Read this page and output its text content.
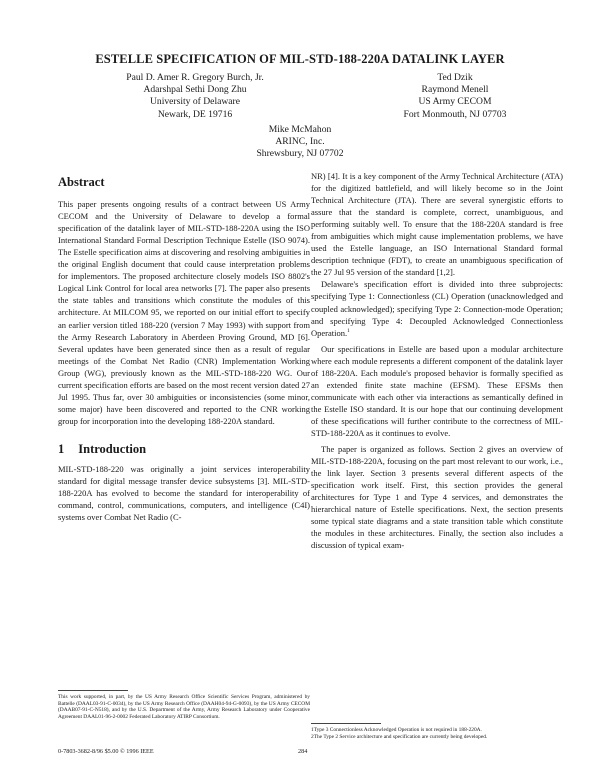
ESTELLE SPECIFICATION OF MIL-STD-188-220A DATALINK LAYER
Paul D. Amer R. Gregory Burch, Jr.
Adarshpal Sethi Dong Zhu
University of Delaware
Newark, DE 19716
Ted Dzik
Raymond Menell
US Army CECOM
Fort Monmouth, NJ 07703
Mike McMahon
ARINC, Inc.
Shrewsbury, NJ 07702
Abstract

This paper presents ongoing results of a contract between US Army CECOM and the University of Delaware to develop a formal specification of the datalink layer of MIL-STD-188-220A using the ISO International Standard Formal Description Technique Estelle (ISO 9074). The Estelle specification aims at discovering and resolving ambiguities in the original English document that could cause interpretation problems for implementors. The proposed architecture closely models ISO 8802's Logical Link Control for local area networks [7]. The paper also presents the state tables and transitions which constitute the modules of this architecture. At MILCOM 95, we reported on our initial effort to specify an earlier version titled 188-220 (version 7 May 1993) with support from the Army Research Laboratory in Aberdeen Proving Ground, MD [6]. Several updates have been generated since then as a result of regular meetings of the Combat Net Radio (CNR) Implementation Working Group (WG), previously known as the MIL-STD-188-220 WG. Our current specification efforts are based on the most recent version dated 27 Jul 1995. Thus far, over 30 ambiguities or inconsistencies (some minor, some major) have been discovered and reported to the CNR working group for incorporation into the developing 188-220A standard.

1 Introduction

MIL-STD-188-220 was originally a joint services interoperability standard for digital message transfer device subsystems [3]. MIL-STD-188-220A has evolved to become the standard for interoperability of command, control, communications, computers, and intelligence (C4I) systems over Combat Net Radio (C-

NR) [4]. It is a key component of the Army Technical Architecture (ATA) for the digitized battlefield, and will likely become so in the Joint Technical Architecture (JTA). There are several synergistic efforts to assure that the standard is complete, correct, unambiguous, and performing suitably well. To ensure that the 188-220A standard is free from ambiguities which might cause implementation problems, we have used the Estelle language, an ISO International Standard formal description technique (FDT), to create an unambiguous specification of the 27 Jul 95 version of the standard [1,2].

Delaware's specification effort is divided into three subprojects: specifying Type 1: Connectionless (CL) Operation (unacknowledged and coupled acknowledged); specifying Type 2: Connection-mode Operation; and specifying Type 4: Decoupled Acknowledged Connectionless Operation.$^1$

Our specifications in Estelle are based upon a modular architecture where each module represents a different component of the datalink layer of 188-220A. Each module's proposed behavior is formally specified as an extended finite state machine (EFSM). These EFSMs then communicate with each other via interactions as semantically defined in the Estelle ISO standard. It is our hope that our continuing development of these specifications will further contribute to the correctness of MIL-STD-188-220A as it continues to evolve.

The paper is organized as follows. Section 2 gives an overview of MIL-STD-188-220A, focusing on the part most relevant to our work, i.e., the link layer. Section 3 presents several different aspects of the specification work itself. First, this section provides the general architectures for Type 1 and Type 4 services, and demonstrates the hierarchical nature of Estelle specifications. Next, the section presents some typical state diagrams and a state transition table which constitute the modules in these architectures. Finally, the section also includes a discussion of typical exam-

This work supported, in part, by the US Army Research Office Scientific Services Program, administered by Battelle (DAAL03-91-C-0034), by the US Army Research Office (DAAH04-94-G-0093), by the US Army CECOM (DAAB07-91-C-N518), and by the U.S. Department of the Army, Army Research Laboratory under Cooperative Agreement DAAL01-96-2-0002 Federated Laboratory ATIRP Consortium.
1Type 3 Connectionless Acknowledged Operation is not required in 188-220A.
2The Type 2 Service architecture and specification are currently being developed.
0-7803-3682-8/96 $5.00 © 1996 IEEE	284
